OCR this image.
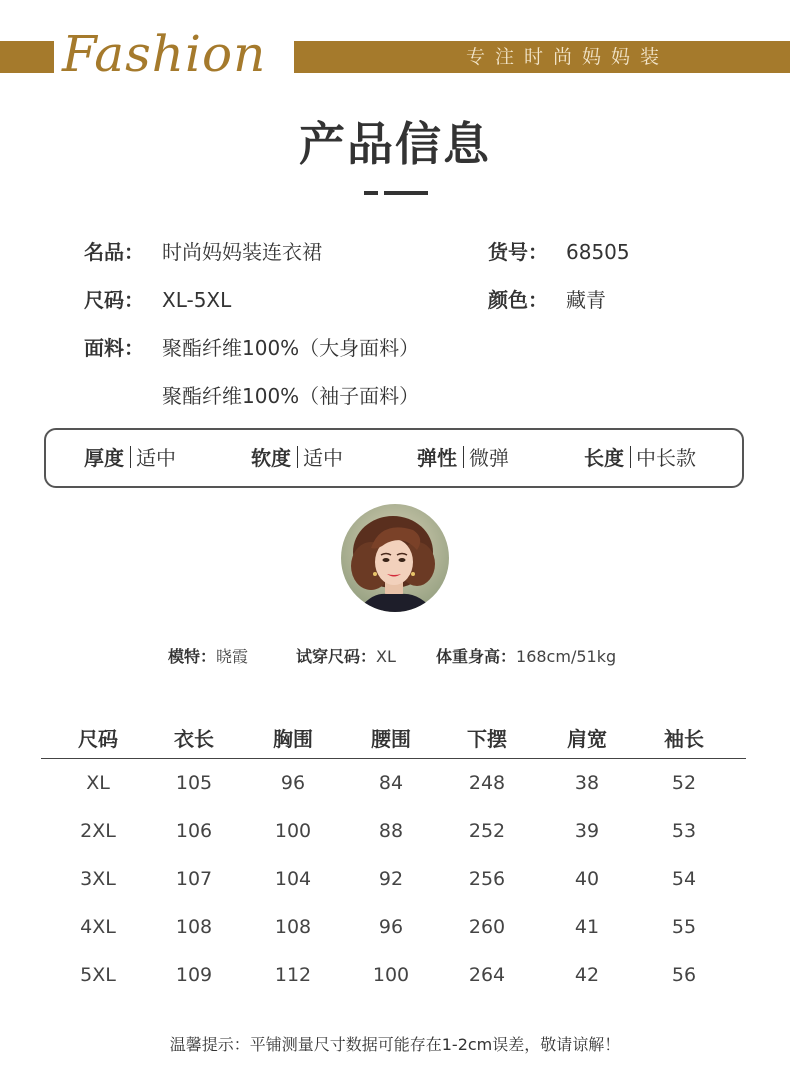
Fashion	专注时尚妈妈装
产品信息
名品： 时尚妈妈装连衣裙	货号： 68505
尺码： XL-5XL	颜色： 藏青
面料： 聚酯纤维100%（大身面料）
聚酯纤维100%（袖子面料）
厚度 适中	软度 适中	弹性 微弹	长度 中长款
模特：晓霞	试穿尺码：XL	体重身高：168cm/51kg
尺码	衣长	胸围	腰围	下摆	肩宽	袖长
XL	105	96	84	248	38	52
2XL	106	100	88	252	39	53
3XL	107	104	92	256	40	54
4XL	108	108	96	260	41	55
5XL	109	112	100	264	42	56
温馨提示：平铺测量尺寸数据可能存在1-2cm误差，敬请谅解！
